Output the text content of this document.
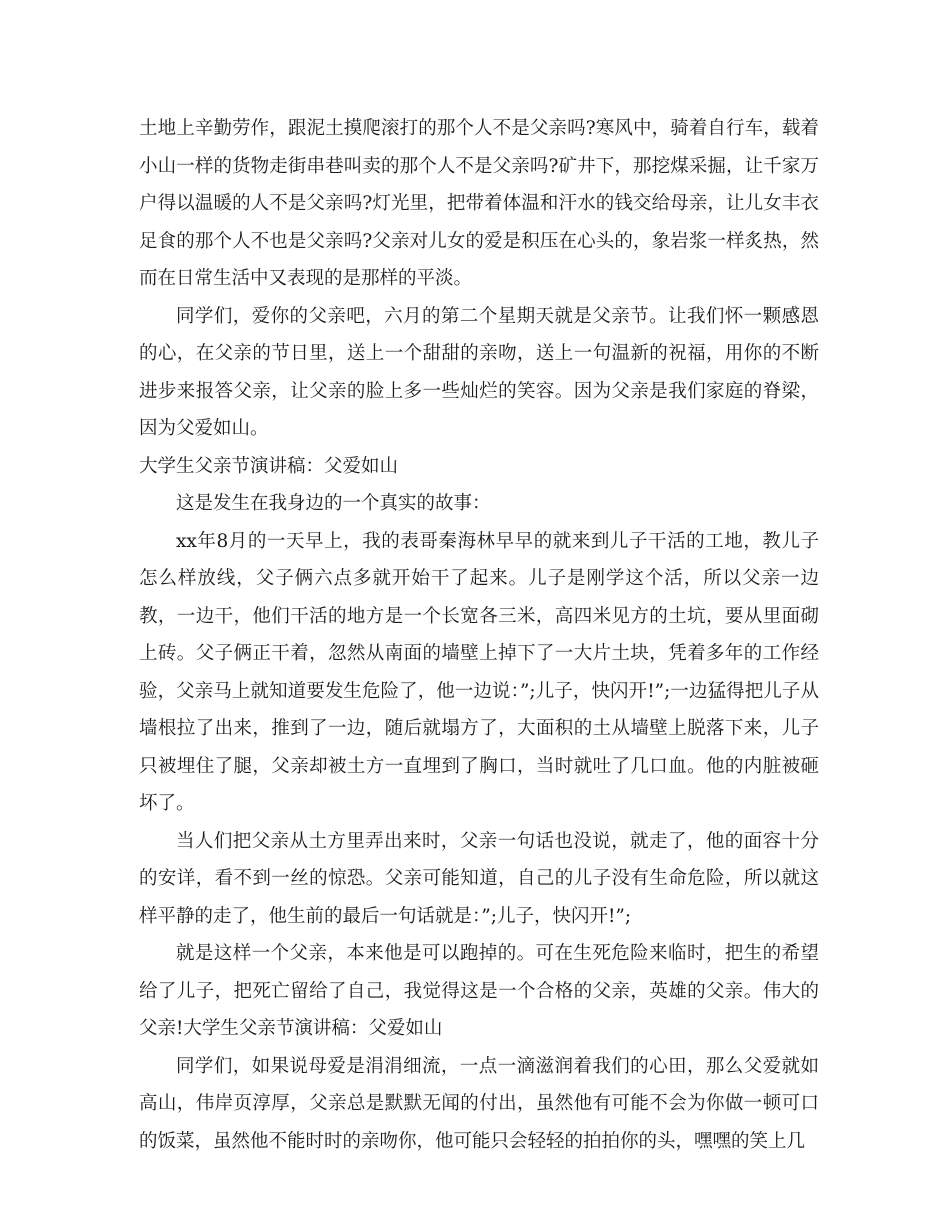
土地上辛勤劳作，跟泥土摸爬滚打的那个人不是父亲吗?寒风中，骑着自行车，载着小山一样的货物走街串巷叫卖的那个人不是父亲吗?矿井下，那挖煤采掘，让千家万户得以温暖的人不是父亲吗?灯光里，把带着体温和汗水的钱交给母亲，让儿女丰衣足食的那个人不也是父亲吗?父亲对儿女的爱是积压在心头的，象岩浆一样炙热，然而在日常生活中又表现的是那样的平淡。

同学们，爱你的父亲吧，六月的第二个星期天就是父亲节。让我们怀一颗感恩的心，在父亲的节日里，送上一个甜甜的亲吻，送上一句温新的祝福，用你的不断进步来报答父亲，让父亲的脸上多一些灿烂的笑容。因为父亲是我们家庭的脊梁，因为父爱如山。

大学生父亲节演讲稿：父爱如山

这是发生在我身边的一个真实的故事：

xx年8月的一天早上，我的表哥秦海林早早的就来到儿子干活的工地，教儿子怎么样放线，父子俩六点多就开始干了起来。儿子是刚学这个活，所以父亲一边教，一边干，他们干活的地方是一个长宽各三米，高四米见方的土坑，要从里面砌上砖。父子俩正干着，忽然从南面的墙壁上掉下了一大片土块，凭着多年的工作经验，父亲马上就知道要发生危险了，他一边说：”;儿子，快闪开!”;一边猛得把儿子从墙根拉了出来，推到了一边，随后就塌方了，大面积的土从墙壁上脱落下来，儿子只被埋住了腿，父亲却被土方一直埋到了胸口，当时就吐了几口血。他的内脏被砸坏了。

当人们把父亲从土方里弄出来时，父亲一句话也没说，就走了，他的面容十分的安详，看不到一丝的惊恐。父亲可能知道，自己的儿子没有生命危险，所以就这样平静的走了，他生前的最后一句话就是：”;儿子，快闪开!”;

就是这样一个父亲，本来他是可以跑掉的。可在生死危险来临时，把生的希望给了儿子，把死亡留给了自己，我觉得这是一个合格的父亲，英雄的父亲。伟大的父亲!大学生父亲节演讲稿：父爱如山

同学们，如果说母爱是涓涓细流，一点一滴滋润着我们的心田，那么父爱就如高山，伟岸页淳厚，父亲总是默默无闻的付出，虽然他有可能不会为你做一顿可口的饭菜，虽然他不能时时的亲吻你，他可能只会轻轻的拍拍你的头，嘿嘿的笑上几
